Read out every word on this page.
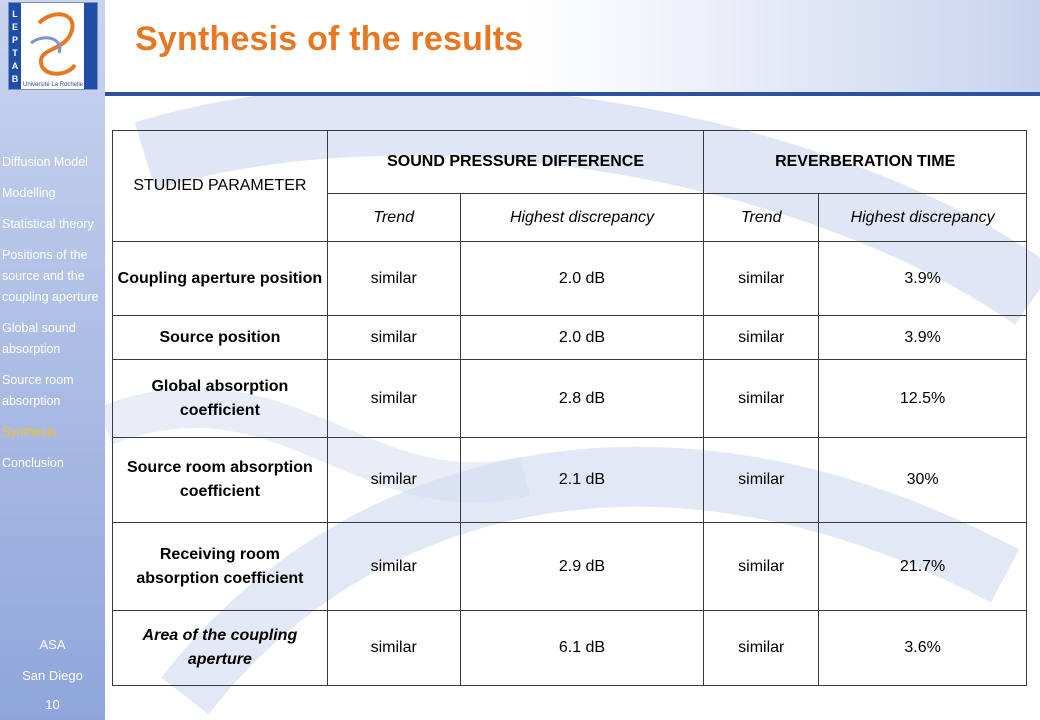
L
E
P
T
A
B
Université La Rochelle
Synthesis of the results
Diffusion Model
Modelling
Statistical theory
Positions of the source and the coupling aperture
Global sound absorption
Source room absorption
Synthesis
Conclusion
ASA
San Diego
10
STUDIED PARAMETER	SOUND PRESSURE DIFFERENCE		REVERBERATION TIME	
	Trend	Highest discrepancy	Trend	Highest discrepancy
Coupling aperture position	similar	2.0 dB	similar	3.9%
Source position	similar	2.0 dB	similar	3.9%
Global absorption coefficient	similar	2.8 dB	similar	12.5%
Source room absorption coefficient	similar	2.1 dB	similar	30%
Receiving room absorption coefficient	similar	2.9 dB	similar	21.7%
Area of the coupling aperture	similar	6.1 dB	similar	3.6%
